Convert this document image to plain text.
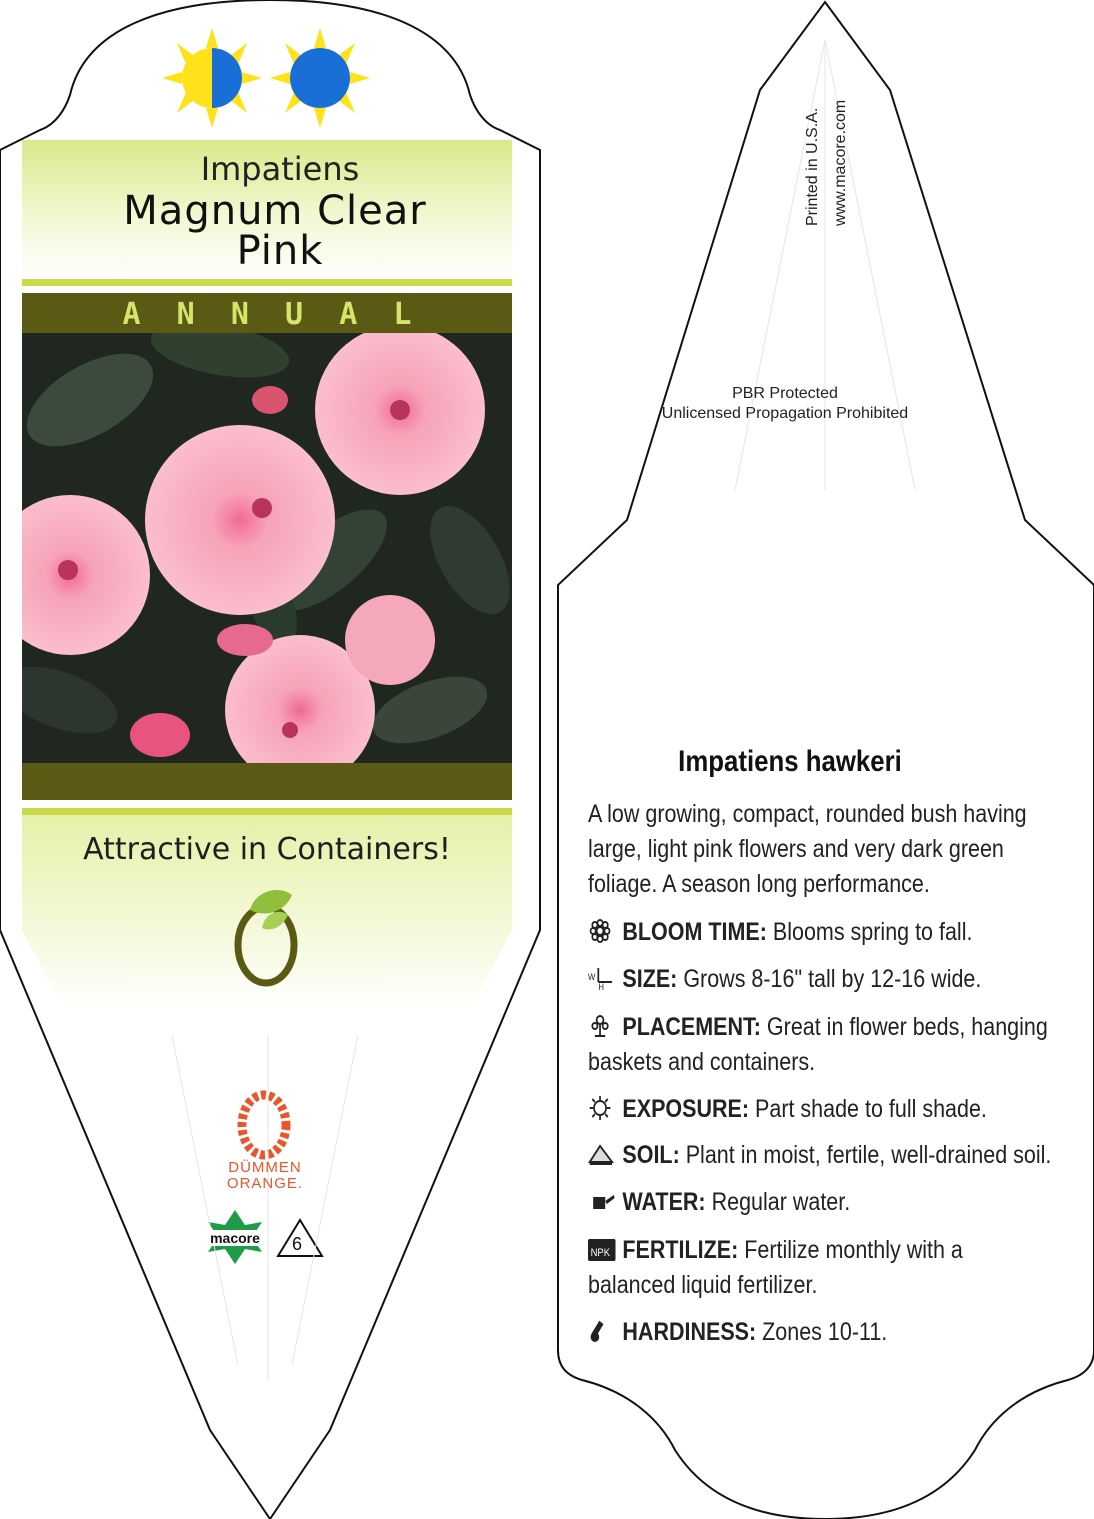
Impatiens
Magnum Clear
Pink
A  N  N  U  A  L
Attractive in Containers!
DÜMMEN ORANGE.
macore	6
Printed in U.S.A. www.macore.com
PBR Protected
Unlicensed Propagation Prohibited
Impatiens hawkeri
A low growing, compact, rounded bush having large, light pink flowers and very dark green foliage. A season long performance.
BLOOM TIME: Blooms spring to fall.
W
H SIZE: Grows 8-16" tall by 12-16 wide.
PLACEMENT: Great in flower beds, hanging baskets and containers.
EXPOSURE: Part shade to full shade.
SOIL: Plant in moist, fertile, well-drained soil.
WATER: Regular water.
NPK FERTILIZE: Fertilize monthly with a balanced liquid fertilizer.
HARDINESS: Zones 10-11.
